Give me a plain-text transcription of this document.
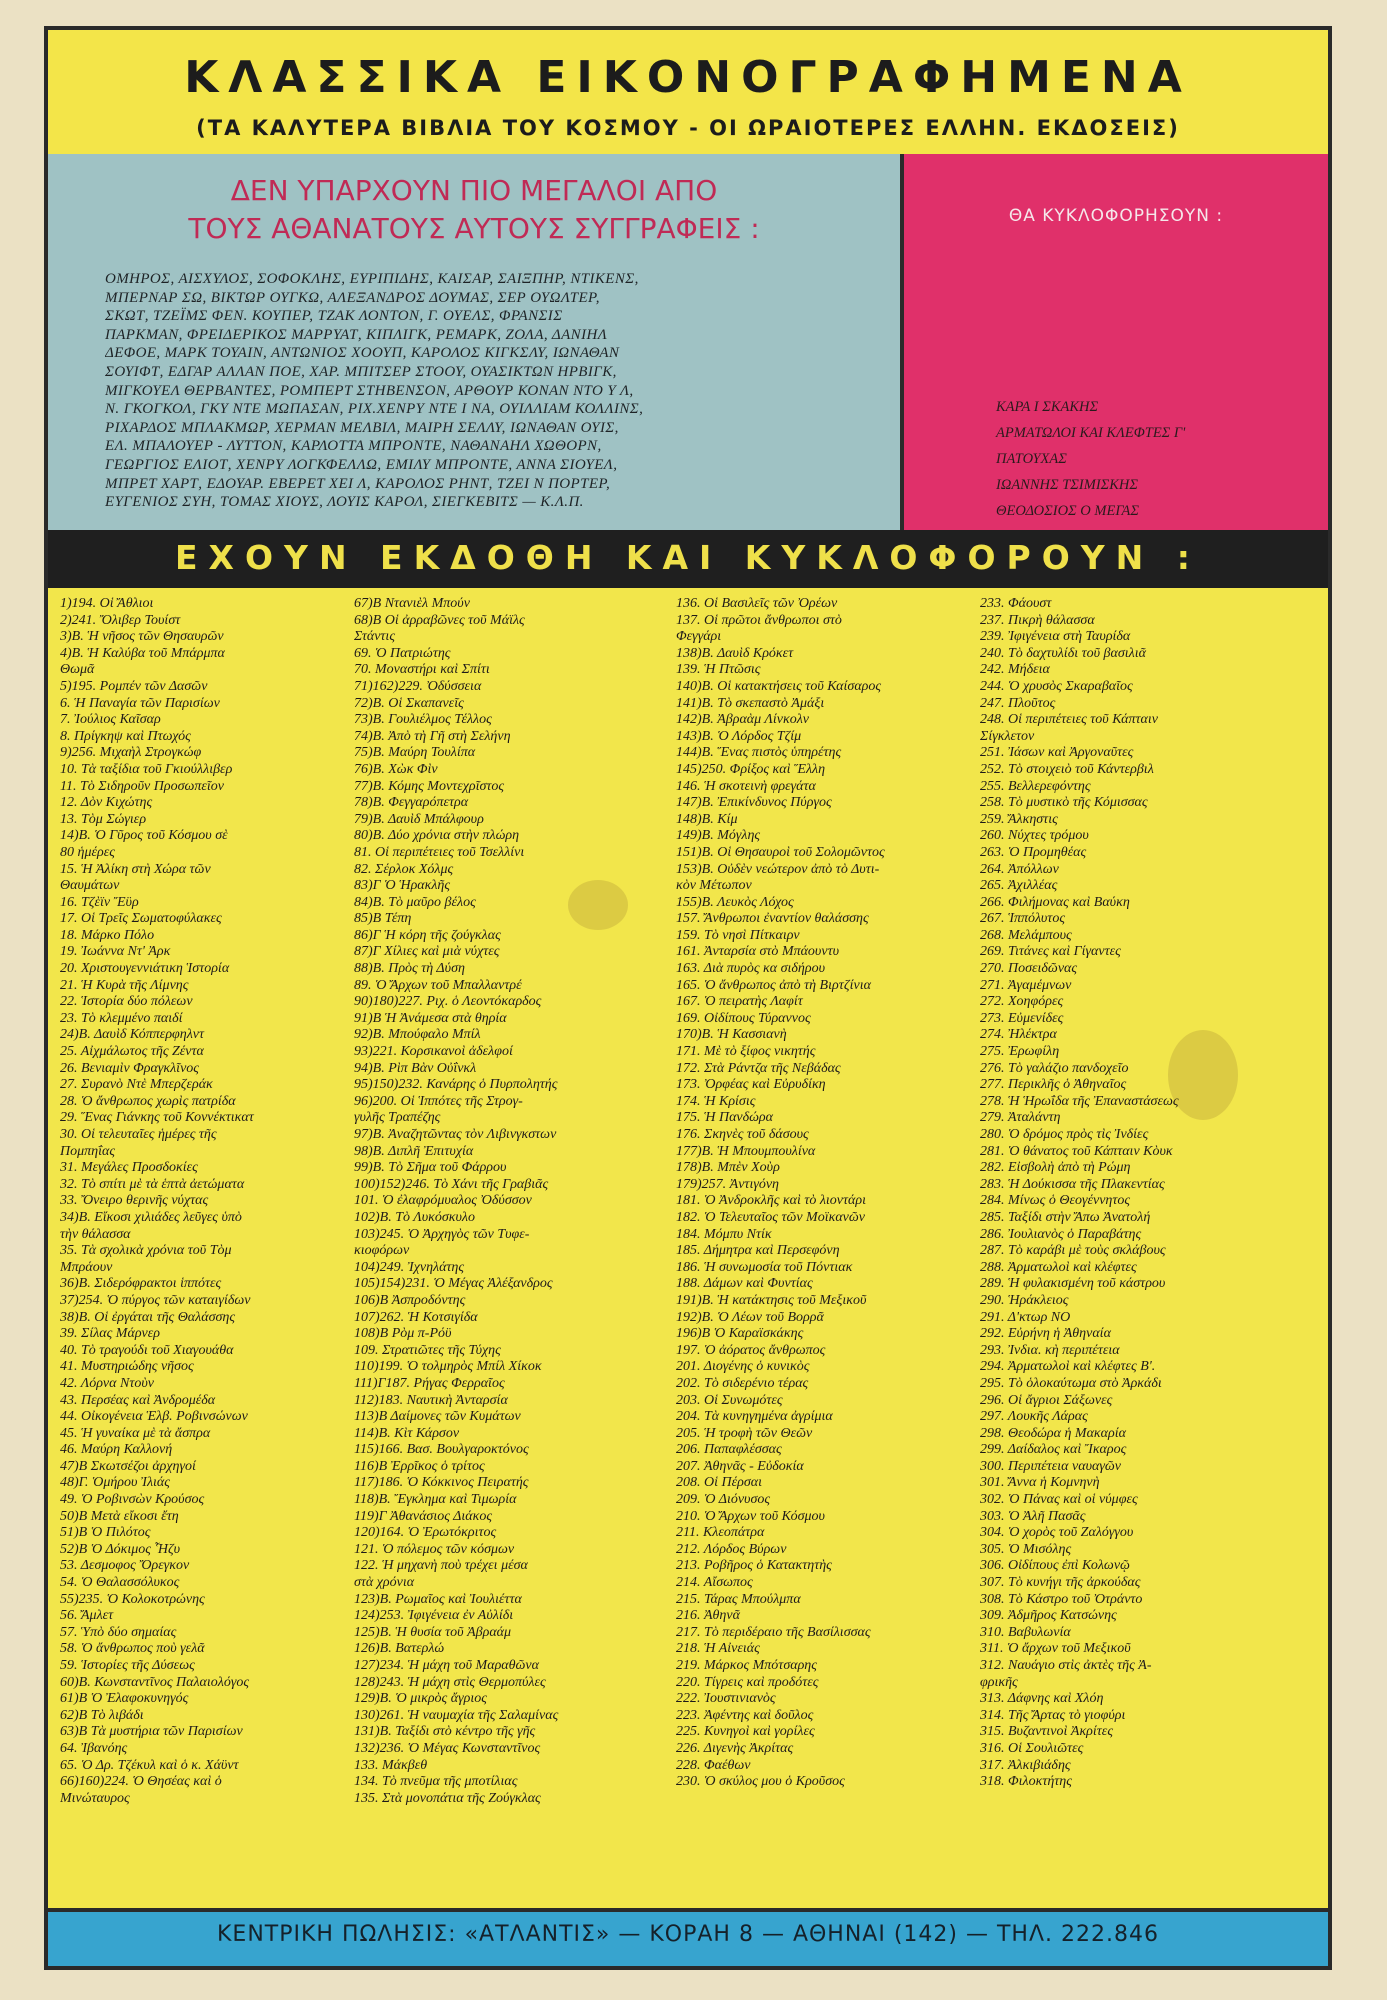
ΚΛΑΣΣΙΚΑ ΕΙΚΟΝΟΓΡΑΦΗΜΕΝΑ
(ΤΑ ΚΑΛΥΤΕΡΑ ΒΙΒΛΙΑ ΤΟΥ ΚΟΣΜΟΥ - ΟΙ ΩΡΑΙΟΤΕΡΕΣ ΕΛΛΗΝ. ΕΚΔΟΣΕΙΣ)
ΔΕΝ ΥΠΑΡΧΟΥΝ ΠΙΟ ΜΕΓΑΛΟΙ ΑΠΟ
ΤΟΥΣ ΑΘΑΝΑΤΟΥΣ ΑΥΤΟΥΣ ΣΥΓΓΡΑΦΕΙΣ :
ΟΜΗΡΟΣ, ΑΙΣΧΥΛΟΣ, ΣΟΦΟΚΛΗΣ, ΕΥΡΙΠΙΔΗΣ, ΚΑΙΣΑΡ, ΣΑΙΞΠΗΡ, ΝΤΙΚΕΝΣ,
ΜΠΕΡΝΑΡ ΣΩ, ΒΙΚΤΩΡ ΟΥΓΚΩ, ΑΛΕΞΑΝΔΡΟΣ ΔΟΥΜΑΣ, ΣΕΡ ΟΥΩΛΤΕΡ,
ΣΚΩΤ, ΤΖΕΪΜΣ ΦΕΝ. ΚΟΥΠΕΡ, ΤΖΑΚ ΛΟΝΤΟΝ, Γ. ΟΥΕΛΣ, ΦΡΑΝΣΙΣ
ΠΑΡΚΜΑΝ, ΦΡΕΙΔΕΡΙΚΟΣ ΜΑΡΡΥΑΤ, ΚΙΠΛΙΓΚ, ΡΕΜΑΡΚ, ΖΟΛΑ, ΔΑΝΙΗΛ
ΔΕΦΟΕ, ΜΑΡΚ ΤΟΥΑΙΝ, ΑΝΤΩΝΙΟΣ ΧΟΟΥΠ, ΚΑΡΟΛΟΣ ΚΙΓΚΣΛΥ, ΙΩΝΑΘΑΝ
ΣΟΥΙΦΤ, ΕΔΓΑΡ ΑΛΛΑΝ ΠΟΕ, ΧΑΡ. ΜΠΙΤΣΕΡ ΣΤΟΟΥ, ΟΥΑΣΙΚΤΩΝ ΗΡΒΙΓΚ,
ΜΙΓΚΟΥΕΛ ΘΕΡΒΑΝΤΕΣ, ΡΟΜΠΕΡΤ ΣΤΗΒΕΝΣΟΝ, ΑΡΘΟΥΡ ΚΟΝΑΝ ΝΤΟ Υ Λ,
Ν. ΓΚΟΓΚΟΛ, ΓΚΥ ΝΤΕ ΜΩΠΑΣΑΝ, ΡΙΧ.ΧΕΝΡΥ ΝΤΕ Ι ΝΑ, ΟΥΙΛΛΙΑΜ ΚΟΛΛΙΝΣ,
ΡΙΧΑΡΔΟΣ ΜΠΛΑΚΜΩΡ, ΧΕΡΜΑΝ ΜΕΛΒΙΛ, ΜΑΙΡΗ ΣΕΛΛΥ, ΙΩΝΑΘΑΝ ΟΥΙΣ,
ΕΛ. ΜΠΑΛΟΥΕΡ - ΛΥΤΤΟΝ, ΚΑΡΛΟΤΤΑ ΜΠΡΟΝΤΕ, ΝΑΘΑΝΑΗΛ ΧΩΘΟΡΝ,
ΓΕΩΡΓΙΟΣ ΕΛΙΟΤ, ΧΕΝΡΥ ΛΟΓΚΦΕΛΛΩ, ΕΜΙΛΥ ΜΠΡΟΝΤΕ, ΑΝΝΑ ΣΙΟΥΕΛ,
ΜΠΡΕΤ ΧΑΡΤ, ΕΔΟΥΑΡ. ΕΒΕΡΕΤ ΧΕΙ Λ, ΚΑΡΟΛΟΣ ΡΗΝΤ, ΤΖΕΙ Ν ΠΟΡΤΕΡ,
ΕΥΓΕΝΙΟΣ ΣΥΗ, ΤΟΜΑΣ ΧΙΟΥΣ, ΛΟΥΙΣ ΚΑΡΟΛ, ΣΙΕΓΚΕΒΙΤΣ — Κ.Λ.Π.
ΘΑ ΚΥΚΛΟΦΟΡΗΣΟΥΝ :
ΚΑΡΑ Ι ΣΚΑΚΗΣ
ΑΡΜΑΤΩΛΟΙ ΚΑΙ ΚΛΕΦΤΕΣ Γ'
ΠΑΤΟΥΧΑΣ
ΙΩΑΝΝΗΣ ΤΣΙΜΙΣΚΗΣ
ΘΕΟΔΟΣΙΟΣ Ο ΜΕΓΑΣ
ΕΧΟΥΝ ΕΚΔΟΘΗ ΚΑΙ ΚΥΚΛΟΦΟΡΟΥΝ :
1)194. Οἱ Ἄθλιοι
2)241. Ὄλιβερ Τουίστ
3)Β. Ἡ νῆσος τῶν Θησαυρῶν
4)Β. Ἡ Καλύβα τοῦ Μπάρμπα
Θωμᾶ
5)195. Ρομπέν τῶν Δασῶν
6. Ἡ Παναγία τῶν Παρισίων
7. Ἰούλιος Καῖσαρ
8. Πρίγκηψ καὶ Πτωχός
9)256. Μιχαὴλ Στρογκώφ
10. Τὰ ταξίδια τοῦ Γκιούλλιβερ
11. Τὸ Σιδηροῦν Προσωπεῖον
12. Δὸν Κιχώτης
13. Τὸμ Σώγιερ
14)Β. Ὁ Γῦρος τοῦ Κόσμου σὲ
80 ἡμέρες
15. Ἡ Ἀλίκη στὴ Χώρα τῶν
Θαυμάτων
16. Τζὲϊν Ἔϋρ
17. Οἱ Τρεῖς Σωματοφύλακες
18. Μάρκο Πόλο
19. Ἰωάννα Ντ' Ἀρκ
20. Χριστουγεννιάτικη Ἱστορία
21. Ἡ Κυρὰ τῆς Λίμνης
22. Ἱστορία δύο πόλεων
23. Τὸ κλεμμένο παιδί
24)Β. Δαυὶδ Κόππερφηλντ
25. Αἰχμάλωτος τῆς Ζέντα
26. Βενιαμὶν Φραγκλῖνος
27. Συρανὸ Ντὲ Μπερζεράκ
28. Ὁ ἄνθρωπος χωρὶς πατρίδα
29. Ἕνας Γιάνκης τοῦ Κοννέκτικατ
30. Οἱ τελευταῖες ἡμέρες τῆς
Πομπηΐας
31. Μεγάλες Προσδοκίες
32. Τὸ σπίτι μὲ τὰ ἑπτὰ ἀετώματα
33. Ὄνειρο θερινῆς νύχτας
34)Β. Εἴκοσι χιλιάδες λεῦγες ὑπὸ
τὴν θάλασσα
35. Τὰ σχολικὰ χρόνια τοῦ Τὸμ
Μπράουν
36)Β. Σιδερόφρακτοι ἱππότες
37)254. Ὁ πύργος τῶν καταιγίδων
38)Β. Οἱ ἐργάται τῆς Θαλάσσης
39. Σίλας Μάρνερ
40. Τὸ τραγούδι τοῦ Χιαγουάθα
41. Μυστηριώδης νῆσος
42. Λόρνα Ντοὺν
43. Περσέας καὶ Ἀνδρομέδα
44. Οἰκογένεια Ἑλβ. Ροβινσώνων
45. Ἡ γυναίκα μὲ τὰ ἄσπρα
46. Μαύρη Καλλονή
47)Β Σκωτσέζοι ἀρχηγοί
48)Γ. Ὁμήρου Ἰλιάς
49. Ὁ Ροβινσὼν Κρούσος
50)Β Μετὰ εἴκοσι ἔτη
51)Β Ὁ Πιλότος
52)Β Ὁ Δόκιμος Ἧζυ
53. Δεσμοφος Ὄρεγκον
54. Ὁ Θαλασσόλυκος
55)235. Ὁ Κολοκοτρώνης
56. Ἄμλετ
57. Ὑπὸ δύο σημαίας
58. Ὁ ἄνθρωπος ποὺ γελᾶ
59. Ἱστορίες τῆς Δύσεως
60)Β. Κωνσταντῖνος Παλαιολόγος
61)Β Ὁ Ἐλαφοκυνηγός
62)Β Τὸ λιβάδι
63)Β Τὰ μυστήρια τῶν Παρισίων
64. Ἰβανόης
65. Ὁ Δρ. Τζέκυλ καὶ ὁ κ. Χάϋντ
66)160)224. Ὁ Θησέας καὶ ὁ
Μινώταυρος
67)Β Ντανιὲλ Μπούν
68)Β Οἱ ἀρραβῶνες τοῦ Μάϊλς
Στάντις
69. Ὁ Πατριώτης
70. Μοναστήρι καὶ Σπίτι
71)162)229. Ὀδύσσεια
72)Β. Οἱ Σκαπανεῖς
73)Β. Γουλιέλμος Τέλλος
74)Β. Ἀπὸ τὴ Γῆ στὴ Σελήνη
75)Β. Μαύρη Τουλίπα
76)Β. Χὼκ Φὶν
77)Β. Κόμης Μοντεχρῖστος
78)Β. Φεγγαρόπετρα
79)Β. Δαυὶδ Μπάλφουρ
80)Β. Δύο χρόνια στὴν πλώρη
81. Οἱ περιπέτειες τοῦ Τσελλίνι
82. Σέρλοκ Χόλμς
83)Γ Ὁ Ἡρακλῆς
84)Β. Τὸ μαῦρο βέλος
85)Β Τέπη
86)Γ Ἡ κόρη τῆς ζούγκλας
87)Γ Χίλιες καὶ μιὰ νύχτες
88)Β. Πρὸς τὴ Δύση
89. Ὁ Ἄρχων τοῦ Μπαλλαντρέ
90)180)227. Ριχ. ὁ Λεοντόκαρδος
91)Β Ἡ Ἀνάμεσα στὰ θηρία
92)Β. Μπούφαλο Μπίλ
93)221. Κορσικανοὶ ἀδελφοί
94)Β. Ρὶπ Βὰν Οὐΐνκλ
95)150)232. Κανάρης ὁ Πυρπολητής
96)200. Οἱ Ἱππότες τῆς Στρογ-
γυλῆς Τραπέζης
97)Β. Ἀναζητῶντας τὸν Λιβινγκστων
98)Β. Διπλῆ Ἐπιτυχία
99)Β. Τὸ Σῆμα τοῦ Φάρρου
100)152)246. Τὸ Χάνι τῆς Γραβιᾶς
101. Ὁ ἐλαφρόμυαλος Ὀδύσσον
102)Β. Τὸ Λυκόσκυλο
103)245. Ὁ Ἀρχηγὸς τῶν Τυφε-
κιοφόρων
104)249. Ἰχνηλάτης
105)154)231. Ὁ Μέγας Ἀλέξανδρος
106)Β Ἀσπροδόντης
107)262. Ἡ Κοτσιγίδα
108)Β Ρὸμ π-Ρόϋ
109. Στρατιῶτες τῆς Τύχης
110)199. Ὁ τολμηρὸς Μπίλ Χίκοκ
111)Γ187. Ρήγας Φερραῖος
112)183. Ναυτικὴ Ἀνταρσία
113)Β Δαίμονες τῶν Κυμάτων
114)Β. Κὶτ Κάρσον
115)166. Βασ. Βουλγαροκτόνος
116)Β Ἐρρῖκος ὁ τρίτος
117)186. Ὁ Κόκκινος Πειρατής
118)Β. Ἔγκλημα καὶ Τιμωρία
119)Γ Ἀθανάσιος Διάκος
120)164. Ὁ Ἐρωτόκριτος
121. Ὁ πόλεμος τῶν κόσμων
122. Ἡ μηχανὴ ποὺ τρέχει μέσα
στὰ χρόνια
123)Β. Ρωμαῖος καὶ Ἰουλιέττα
124)253. Ἰφιγένεια ἐν Αὐλίδι
125)Β. Ἡ θυσία τοῦ Ἀβραάμ
126)Β. Βατερλώ
127)234. Ἡ μάχη τοῦ Μαραθῶνα
128)243. Ἡ μάχη στὶς Θερμοπύλες
129)Β. Ὁ μικρὸς ἄγριος
130)261. Ἡ ναυμαχία τῆς Σαλαμίνας
131)Β. Ταξίδι στὸ κέντρο τῆς γῆς
132)236. Ὁ Μέγας Κωνσταντῖνος
133. Μάκβεθ
134. Τὸ πνεῦμα τῆς μποτίλιας
135. Στὰ μονοπάτια τῆς Ζούγκλας
136. Οἱ Βασιλεῖς τῶν Ὀρέων
137. Οἱ πρῶτοι ἄνθρωποι στὸ
Φεγγάρι
138)Β. Δαυὶδ Κρόκετ
139. Ἡ Πτῶσις
140)Β. Οἱ κατακτήσεις τοῦ Καίσαρος
141)Β. Τὸ σκεπαστὸ Ἀμάξι
142)Β. Ἀβραὰμ Λίνκολν
143)Β. Ὁ Λόρδος Τζίμ
144)Β. Ἕνας πιστὸς ὑπηρέτης
145)250. Φρίξος καὶ Ἕλλη
146. Ἡ σκοτεινὴ φρεγάτα
147)Β. Ἐπικίνδυνος Πύργος
148)Β. Κίμ
149)Β. Μόγλης
151)Β. Οἱ Θησαυροὶ τοῦ Σολομῶντος
153)Β. Οὐδὲν νεώτερον ἀπὸ τὸ Δυτι-
κὸν Μέτωπον
155)Β. Λευκὸς Λόχος
157. Ἄνθρωποι ἐναντίον θαλάσσης
159. Τὸ νησὶ Πίτκαιρν
161. Ἀνταρσία στὸ Μπάουντυ
163. Διὰ πυρὸς κα σιδήρου
165. Ὁ ἄνθρωπος ἀπὸ τὴ Βιρτζίνια
167. Ὁ πειρατὴς Λαφίτ
169. Οἰδίπους Τύραννος
170)Β. Ἡ Κασσιανὴ
171. Μὲ τὸ ξίφος νικητής
172. Στὰ Ράντζα τῆς Νεβάδας
173. Ὀρφέας καὶ Εὐρυδίκη
174. Ἡ Κρίσις
175. Ἡ Πανδώρα
176. Σκηνὲς τοῦ δάσους
177)Β. Ἡ Μπουμπουλίνα
178)Β. Μπὲν Χοὺρ
179)257. Ἀντιγόνη
181. Ὁ Ἀνδροκλῆς καὶ τὸ λιοντάρι
182. Ὁ Τελευταῖος τῶν Μοϊκανῶν
184. Μόμπυ Ντίκ
185. Δήμητρα καὶ Περσεφόνη
186. Ἡ συνωμοσία τοῦ Πόντιακ
188. Δάμων καὶ Φυντίας
191)Β. Ἡ κατάκτησις τοῦ Μεξικοῦ
192)Β. Ὁ Λέων τοῦ Βορρᾶ
196)Β Ὁ Καραϊσκάκης
197. Ὁ ἀόρατος ἄνθρωπος
201. Διογένης ὁ κυνικὸς
202. Τὸ σιδερένιο τέρας
203. Οἱ Συνωμότες
204. Τὰ κυνηγημένα ἀγρίμια
205. Ἡ τροφὴ τῶν Θεῶν
206. Παπαφλέσσας
207. Ἀθηνᾶς - Εὐδοκία
208. Οἱ Πέρσαι
209. Ὁ Διόνυσος
210. Ὁ Ἄρχων τοῦ Κόσμου
211. Κλεοπάτρα
212. Λόρδος Βύρων
213. Ροβῆρος ὁ Κατακτητὴς
214. Αἴσωπος
215. Τάρας Μπούλμπα
216. Ἀθηνᾶ
217. Τὸ περιδέραιο τῆς Βασίλισσας
218. Ἡ Αἰνειάς
219. Μάρκος Μπότσαρης
220. Τίγρεις καὶ προδότες
222. Ἰουστινιανὸς
223. Ἀφέντης καὶ δοῦλος
225. Κυνηγοὶ καὶ γορίλες
226. Διγενὴς Ἀκρίτας
228. Φαέθων
230. Ὁ σκύλος μου ὁ Κροῦσος
233. Φάουστ
237. Πικρὴ θάλασσα
239. Ἰφιγένεια στὴ Ταυρίδα
240. Τὸ δαχτυλίδι τοῦ βασιλιᾶ
242. Μήδεια
244. Ὁ χρυσὸς Σκαραβαῖος
247. Πλοῦτος
248. Οἱ περιπέτειες τοῦ Κάπταιν
Σίγκλετον
251. Ἰάσων καὶ Ἀργοναῦτες
252. Τὸ στοιχειὸ τοῦ Κάντερβιλ
255. Βελλερεφόντης
258. Τὸ μυστικὸ τῆς Κόμισσας
259. Ἄλκηστις
260. Νύχτες τρόμου
263. Ὁ Προμηθέας
264. Ἀπόλλων
265. Ἀχιλλέας
266. Φιλήμονας καὶ Βαύκη
267. Ἱππόλυτος
268. Μελάμπους
269. Τιτάνες καὶ Γίγαντες
270. Ποσειδῶνας
271. Ἀγαμέμνων
272. Χοηφόρες
273. Εὐμενίδες
274. Ἠλέκτρα
275. Ἐρωφίλη
276. Τὸ γαλάζιο πανδοχεῖο
277. Περικλῆς ὁ Ἀθηναῖος
278. Ἡ Ἡρωΐδα τῆς Ἐπαναστάσεως
279. Ἀταλάντη
280. Ὁ δρόμος πρὸς τὶς Ἰνδίες
281. Ὁ θάνατος τοῦ Κάπταιν Κὸυκ
282. Εἰσβολὴ ἀπὸ τὴ Ρώμη
283. Ἡ Δούκισσα τῆς Πλακεντίας
284. Μίνως ὁ Θεογέννητος
285. Ταξίδι στὴν Ἄπω Ἀνατολή
286. Ἰουλιανὸς ὁ Παραβάτης
287. Τὸ καράβι μὲ τοὺς σκλάβους
288. Ἀρματωλοὶ καὶ κλέφτες
289. Ἡ φυλακισμένη τοῦ κάστρου
290. Ἡράκλειος
291. Δ'κτωρ ΝΟ
292. Εὐρήνη ἡ Ἀθηναία
293. Ἰνδια. κὴ περιπέτεια
294. Ἀρματωλοὶ καὶ κλέφτες Β'.
295. Τὸ ὁλοκαύτωμα στὸ Ἀρκάδι
296. Οἱ ἄγριοι Σάξωνες
297. Λουκῆς Λάρας
298. Θεοδώρα ἡ Μακαρία
299. Δαίδαλος καὶ Ἴκαρος
300. Περιπέτεια ναυαγῶν
301. Ἄννα ἡ Κομνηνὴ
302. Ὁ Πάνας καὶ οἱ νύμφες
303. Ὁ Ἀλῆ Πασᾶς
304. Ὁ χορὸς τοῦ Ζαλόγγου
305. Ὁ Μισόλης
306. Οἰδίπους ἐπὶ Κολωνῷ
307. Τὸ κυνήγι τῆς ἀρκούδας
308. Τὸ Κάστρο τοῦ Ὀτράντο
309. Ἀδμῆρος Κατσώνης
310. Βαβυλωνία
311. Ὁ ἄρχων τοῦ Μεξικοῦ
312. Ναυάγιο στὶς ἀκτὲς τῆς Ἀ-
φρικῆς
313. Δάφνης καὶ Χλόη
314. Τῆς Ἄρτας τὸ γιοφύρι
315. Βυζαντινοὶ Ἀκρίτες
316. Οἱ Σουλιῶτες
317. Ἀλκιβιάδης
318. Φιλοκτήτης
ΚΕΝΤΡΙΚΗ ΠΩΛΗΣΙΣ: «ΑΤΛΑΝΤΙΣ» — ΚΟΡΑΗ 8 — ΑΘΗΝΑΙ (142) — ΤΗΛ. 222.846
